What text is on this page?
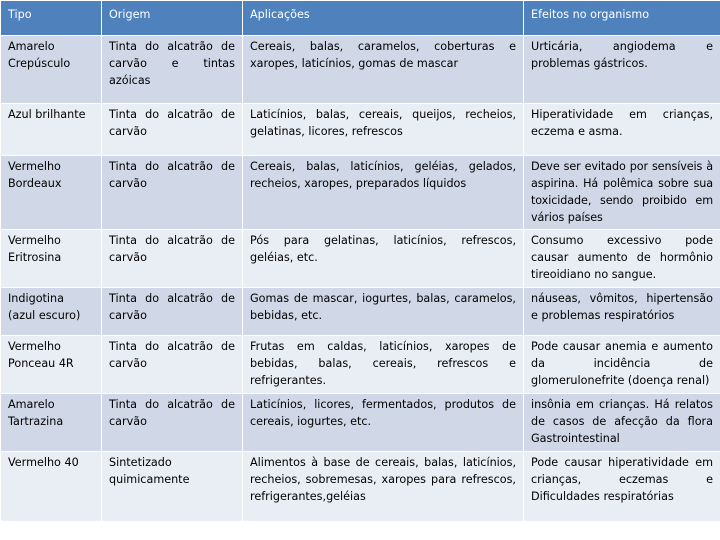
Tipo	Origem	Aplicações	Efeitos no organismo
Amarelo Crepúsculo	Tinta do alcatrão de carvão e tintas azóicas	Cereais, balas, caramelos, coberturas e xaropes, laticínios, gomas de mascar	Urticária, angiodema e problemas gástricos.
Azul brilhante	Tinta do alcatrão de carvão	Laticínios, balas, cereais, queijos, recheios, gelatinas, licores, refrescos	Hiperatividade em crianças, eczema e asma.
Vermelho Bordeaux	Tinta do alcatrão de carvão	Cereais, balas, laticínios, geléias, gelados, recheios, xaropes, preparados líquidos	Deve ser evitado por sensíveis à aspirina. Há polêmica sobre sua toxicidade, sendo proibido em vários países
Vermelho Eritrosina	Tinta do alcatrão de carvão	Pós para gelatinas, laticínios, refrescos, geléias, etc.	Consumo excessivo pode causar aumento de hormônio tireoidiano no sangue.
Indigotina (azul escuro)	Tinta do alcatrão de carvão	Gomas de mascar, iogurtes, balas, caramelos, bebidas, etc.	náuseas, vômitos, hipertensão e problemas respiratórios
Vermelho Ponceau 4R	Tinta do alcatrão de carvão	Frutas em caldas, laticínios, xaropes de bebidas, balas, cereais, refrescos e refrigerantes.	Pode causar anemia e aumento da incidência de glomerulonefrite (doença renal)
Amarelo Tartrazina	Tinta do alcatrão de carvão	Laticínios, licores, fermentados, produtos de cereais, iogurtes, etc.	insônia em crianças. Há relatos de casos de afecção da flora Gastrointestinal
Vermelho 40	Sintetizado quimicamente	Alimentos à base de cereais, balas, laticínios, recheios, sobremesas, xaropes para refrescos, refrigerantes,geléias	Pode causar hiperatividade em crianças, eczemas e Dificuldades respiratórias
